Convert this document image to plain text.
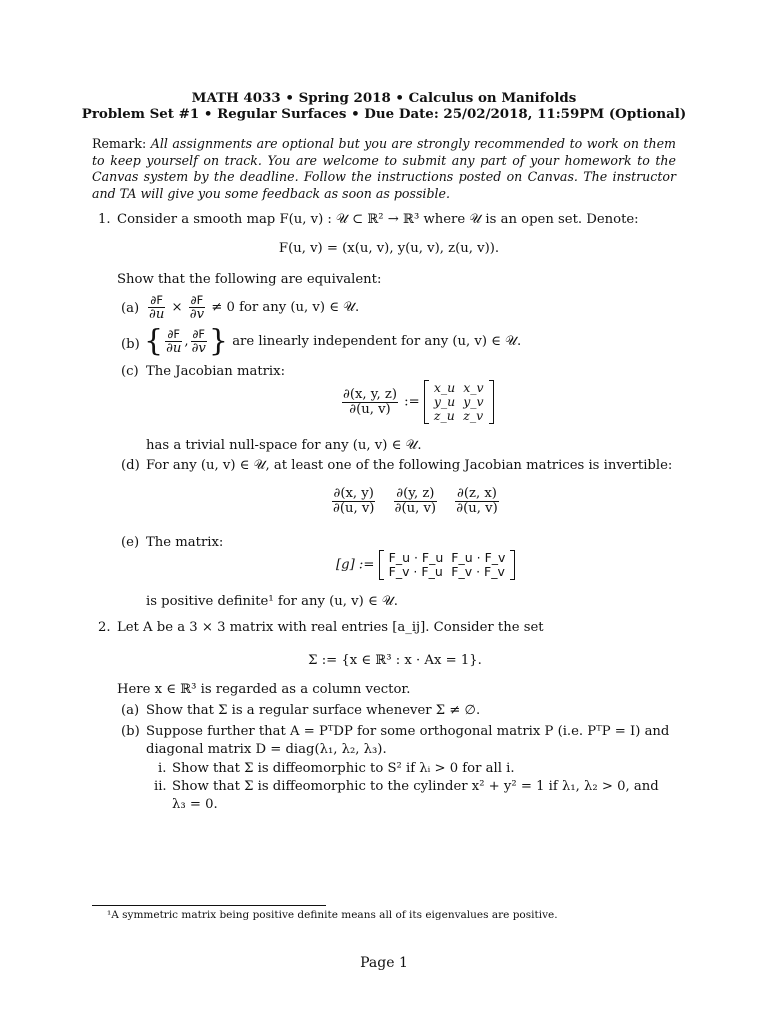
MATH 4033 • Spring 2018 • Calculus on Manifolds
Problem Set #1 • Regular Surfaces • Due Date: 25/02/2018, 11:59PM (Optional)
Remark: All assignments are optional but you are strongly recommended to work on them to keep yourself on track. You are welcome to submit any part of your homework to the Canvas system by the deadline. Follow the instructions posted on Canvas. The instructor and TA will give you some feedback as soon as possible.
1. Consider a smooth map F(u, v) : 𝒰 ⊂ ℝ² → ℝ³ where 𝒰 is an open set. Denote:
F(u, v) = (x(u, v), y(u, v), z(u, v)).
Show that the following are equivalent:
$(a) \frac{\partial F}{\partial u} \times \frac{\partial F}{\partial v} \ne 0$ for any (u, v) ∈ 𝒰.
(b) { $\frac{\partial F}{\partial u}$ , $\frac{\partial F}{\partial v}$ } are linearly independent for any (u, v) ∈ 𝒰.
(c) The Jacobian matrix:
$\frac{\partial(x, y, z)}{\partial(u, v)}$ :=
x_u	x_v
y_u	y_v
z_u	z_v
has a trivial null-space for any (u, v) ∈ 𝒰.
(d) For any (u, v) ∈ 𝒰, at least one of the following Jacobian matrices is invertible:
$\frac{\partial(x, y)}{\partial(u, v)}$
$\frac{\partial(y, z)}{\partial(u, v)}$
$\frac{\partial(z, x)}{\partial(u, v)}$
(e) The matrix:
[g] := F_u · F_u	F_u · F_v
F_v · F_u	F_v · F_v
is positive definite¹ for any (u, v) ∈ 𝒰.
2. Let A be a 3 × 3 matrix with real entries [a_ij]. Consider the set
Σ := {x ∈ ℝ³ : x · Ax = 1}.
Here x ∈ ℝ³ is regarded as a column vector.
(a) Show that Σ is a regular surface whenever Σ ≠ ∅.
(b) Suppose further that A = PᵀDP for some orthogonal matrix P (i.e. PᵀP = I) and
diagonal matrix D = diag(λ₁, λ₂, λ₃).
i. Show that Σ is diffeomorphic to S² if λᵢ > 0 for all i.
ii. Show that Σ is diffeomorphic to the cylinder x² + y² = 1 if λ₁, λ₂ > 0, and
λ₃ = 0.
¹A symmetric matrix being positive definite means all of its eigenvalues are positive.
Page 1
